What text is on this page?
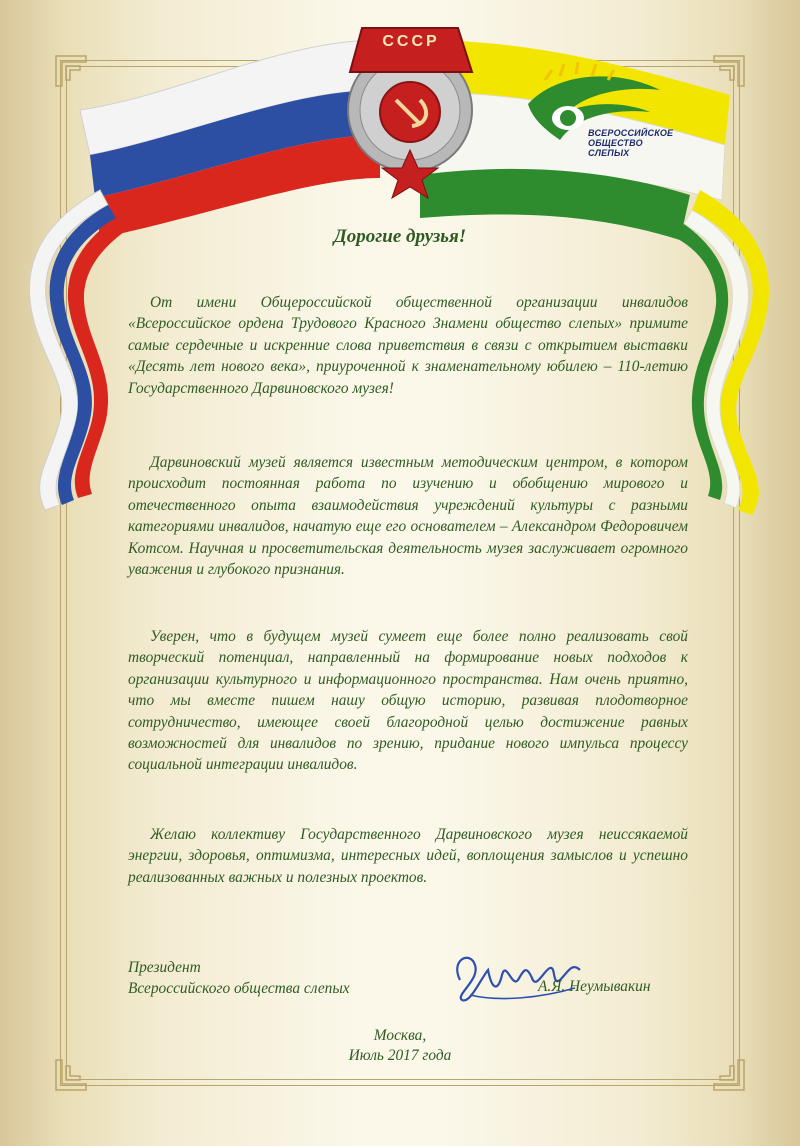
СССР
ВСЕРОССИЙСКОЕ
ОБЩЕСТВО
СЛЕПЫХ
Дорогие друзья!

От имени Общероссийской общественной организации инвалидов «Всероссийское ордена Трудового Красного Знамени общество слепых» примите самые сердечные и искренние слова приветствия в связи с открытием выставки «Десять лет нового века», приуроченной к знаменательному юбилею – 110-летию Государственного Дарвиновского музея!

Дарвиновский музей является известным методическим центром, в котором происходит постоянная работа по изучению и обобщению мирового и отечественного опыта взаимодействия учреждений культуры с разными категориями инвалидов, начатую еще его основателем – Александром Федоровичем Котсом. Научная и просветительская деятельность музея заслуживает огромного уважения и глубокого признания.

Уверен, что в будущем музей сумеет еще более полно реализовать свой творческий потенциал, направленный на формирование новых подходов к организации культурного и информационного пространства. Нам очень приятно, что мы вместе пишем нашу общую историю, развивая плодотворное сотрудничество, имеющее своей благородной целью достижение равных возможностей для инвалидов по зрению, придание нового импульса процессу социальной интеграции инвалидов.

Желаю коллективу Государственного Дарвиновского музея неиссякаемой энергии, здоровья, оптимизма, интересных идей, воплощения замыслов и успешно реализованных важных и полезных проектов.

Президент
Всероссийского общества слепых	А.Я. Неумывакин
Москва,
Июль 2017 года
